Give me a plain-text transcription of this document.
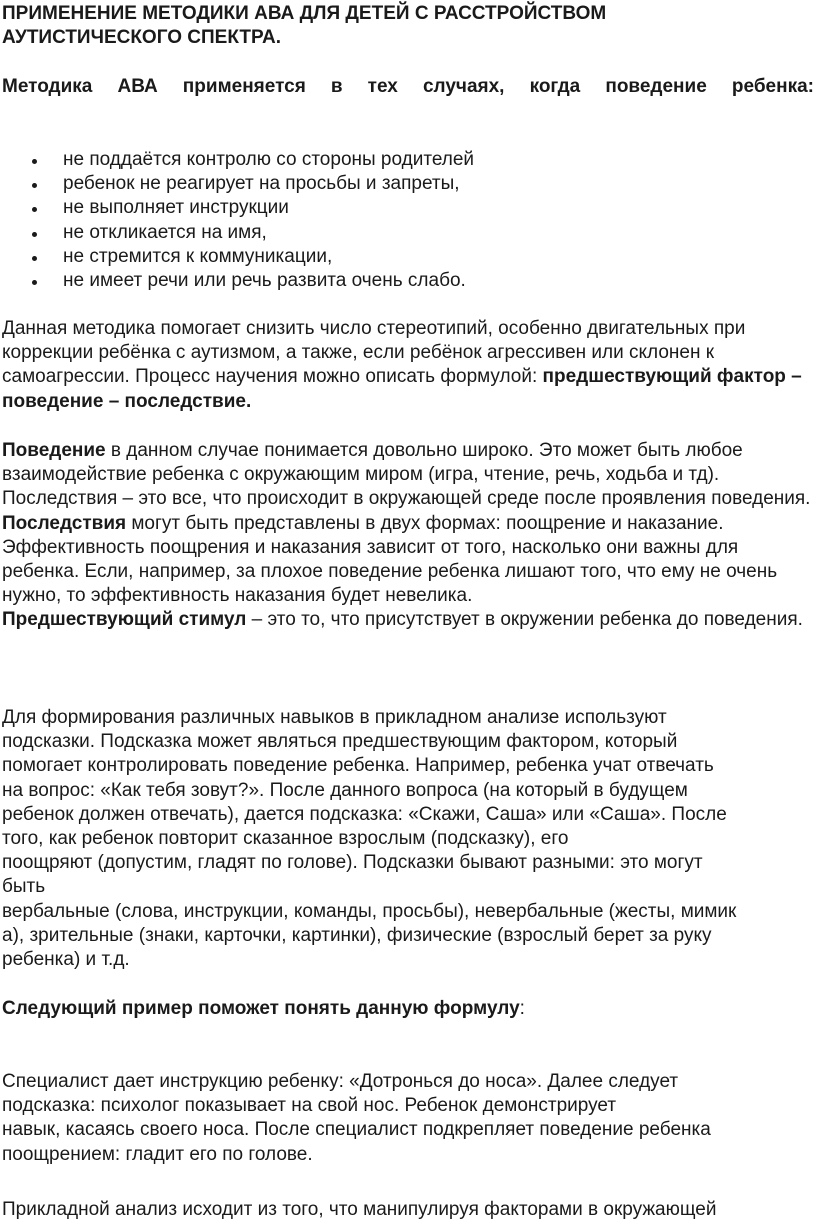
ПРИМЕНЕНИЕ МЕТОДИКИ АВА ДЛЯ ДЕТЕЙ С РАССТРОЙСТВОМ
АУТИСТИЧЕСКОГО СПЕКТРА.
Методика АВА применяется в тех случаях, когда поведение ребенка:
не поддаётся контролю со стороны родителей
ребенок не реагирует на просьбы и запреты,
не выполняет инструкции
не откликается на имя,
не стремится к коммуникации,
не имеет речи или речь развита очень слабо.

Данная методика помогает снизить число стереотипий, особенно двигательных при коррекции ребёнка с аутизмом, а также, если ребёнок агрессивен или склонен к самоагрессии. Процесс научения можно описать формулой: предшествующий фактор – поведение – последствие.

Поведение в данном случае понимается довольно широко. Это может быть любое взаимодействие ребенка с окружающим миром (игра, чтение, речь, ходьба и тд). Последствия – это все, что происходит в окружающей среде после проявления поведения.
Последствия могут быть представлены в двух формах: поощрение и наказание. Эффективность поощрения и наказания зависит от того, насколько они важны для ребенка. Если, например, за плохое поведение ребенка лишают того, что ему не очень нужно, то эффективность наказания будет невелика.
Предшествующий стимул – это то, что присутствует в окружении ребенка до поведения.

Для формирования различных навыков в прикладном анализе используют
подсказки. Подсказка может являться предшествующим фактором, который
помогает контролировать поведение ребенка. Например, ребенка учат отвечать
на вопрос: «Как тебя зовут?». После данного вопроса (на который в будущем
ребенок должен отвечать), дается подсказка: «Скажи, Саша» или «Саша». После
того, как ребенок повторит сказанное взрослым (подсказку), его
поощряют (допустим, гладят по голове). Подсказки бывают разными: это могут
быть
вербальные (слова, инструкции, команды, просьбы), невербальные (жесты, мимик
а), зрительные (знаки, карточки, картинки), физические (взрослый берет за руку
ребенка) и т.д.

Следующий пример поможет понять данную формулу:

Специалист дает инструкцию ребенку: «Дотронься до носа». Далее следует
подсказка: психолог показывает на свой нос. Ребенок демонстрирует
навык, касаясь своего носа. После специалист подкрепляет поведение ребенка
поощрением: гладит его по голове.
Прикладной анализ исходит из того, что манипулируя факторами в окружающей
